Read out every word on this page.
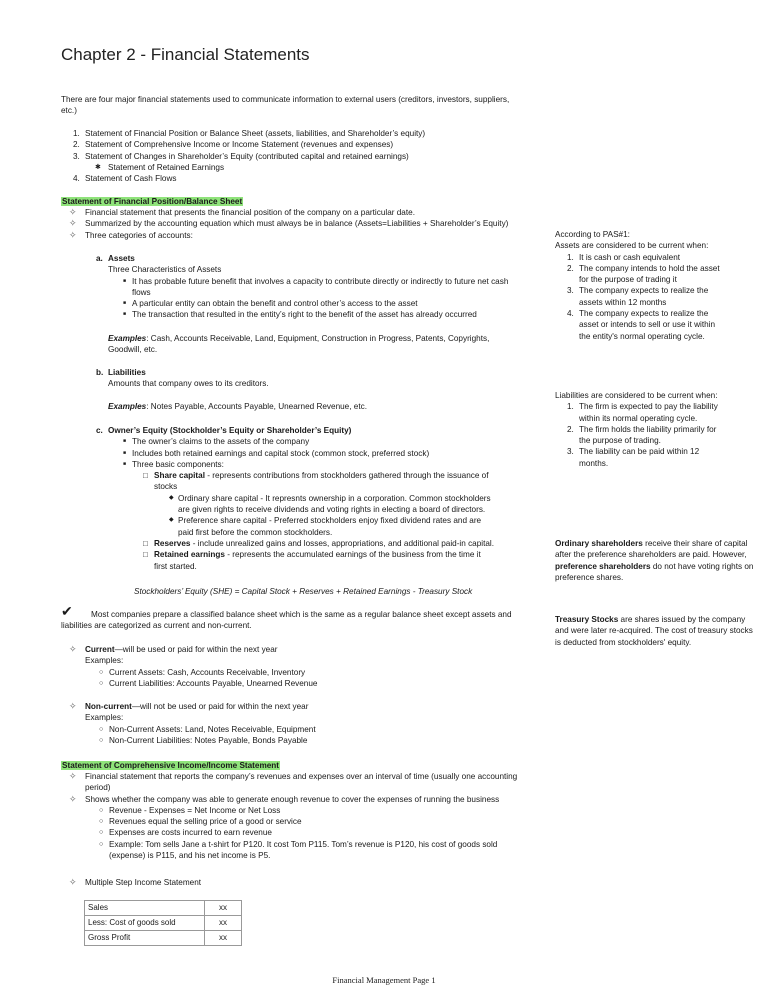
Chapter 2 - Financial Statements
There are four major financial statements used to communicate information to external users (creditors, investors, suppliers, etc.)
1. Statement of Financial Position or Balance Sheet (assets, liabilities, and Shareholder’s equity)
2. Statement of Comprehensive Income or Income Statement (revenues and expenses)
3. Statement of Changes in Shareholder’s Equity (contributed capital and retained earnings)
✱ Statement of Retained Earnings
4. Statement of Cash Flows
Statement of Financial Position/Balance Sheet
✧ Financial statement that presents the financial position of the company on a particular date.
✧ Summarized by the accounting equation which must always be in balance (Assets=Liabilities + Shareholder’s Equity)
✧ Three categories of accounts:
a. Assets
Three Characteristics of Assets
■ It has probable future benefit that involves a capacity to contribute directly or indirectly to future net cash flows
■ A particular entity can obtain the benefit and control other’s access to the asset
■ The transaction that resulted in the entity’s right to the benefit of the asset has already occurred
Examples: Cash, Accounts Receivable, Land, Equipment, Construction in Progress, Patents, Copyrights, Goodwill, etc.
b. Liabilities
Amounts that company owes to its creditors.
Examples: Notes Payable, Accounts Payable, Unearned Revenue, etc.
c. Owner’s Equity (Stockholder’s Equity or Shareholder’s Equity)
■ The owner’s claims to the assets of the company
■ Includes both retained earnings and capital stock (common stock, preferred stock)
■ Three basic components:
□ Share capital - represents contributions from stockholders gathered through the issuance of stocks
◆ Ordinary share capital - It represnts ownership in a corporation. Common stockholders are given rights to receive dividends and voting rights in electing a board of directors.
◆ Preference share capital - Preferred stockholders enjoy fixed dividend rates and are paid first before the common stockholders.
□ Reserves - include unrealized gains and losses, appropriations, and additional paid-in capital.
□ Retained earnings - represents the accumulated earnings of the business from the time it first started.
Stockholders’ Equity (SHE) = Capital Stock + Reserves + Retained Earnings - Treasury Stock
✔ Most companies prepare a classified balance sheet which is the same as a regular balance sheet except assets and liabilities are categorized as current and non-current.
✧ Current—will be used or paid for within the next year
Examples:
○ Current Assets: Cash, Accounts Receivable, Inventory
○ Current Liabilities: Accounts Payable, Unearned Revenue
✧ Non-current—will not be used or paid for within the next year
Examples:
○ Non-Current Assets: Land, Notes Receivable, Equipment
○ Non-Current Liabilities: Notes Payable, Bonds Payable
Statement of Comprehensive Income/Income Statement
✧ Financial statement that reports the company’s revenues and expenses over an interval of time (usually one accounting period)
✧ Shows whether the company was able to generate enough revenue to cover the expenses of running the business
○ Revenue - Expenses = Net Income or Net Loss
○ Revenues equal the selling price of a good or service
○ Expenses are costs incurred to earn revenue
○ Example: Tom sells Jane a t-shirt for P120. It cost Tom P115. Tom’s revenue is P120, his cost of goods sold (expense) is P115, and his net income is P5.
✧ Multiple Step Income Statement
Sales	xx
Less: Cost of goods sold	xx
Gross Profit	xx
According to PAS#1:
Assets are considered to be current when:
1. It is cash or cash equivalent
2. The company intends to hold the asset for the purpose of trading it
3. The company expects to realize the assets within 12 months
4. The company expects to realize the asset or intends to sell or use it within the entity's normal operating cycle.
Liabilities are considered to be current when:
1. The firm is expected to pay the liability within its normal operating cycle.
2. The firm holds the liability primarily for the purpose of trading.
3. The liability can be paid within 12 months.
Ordinary shareholders receive their share of capital after the preference shareholders are paid. However, preference shareholders do not have voting rights on preference shares.
Treasury Stocks are shares issued by the company and were later re-acquired. The cost of treasury stocks is deducted from stockholders' equity.
Financial Management Page 1
